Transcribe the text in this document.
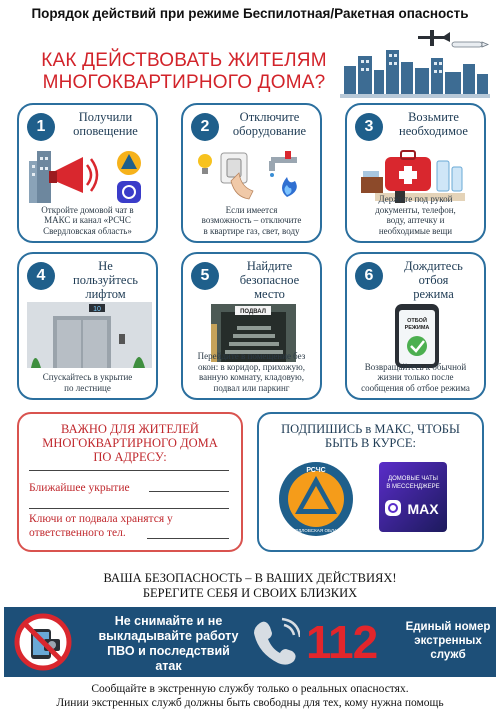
Порядок действий при режиме Беспилотная/Ракетная опасность
КАК ДЕЙСТВОВАТЬ ЖИТЕЛЯМ
МНОГОКВАРТИРНОГО ДОМА?
1
Получили
оповещение
Откройте домовой чат в
МАКС и канал «РСЧС
Свердловская область»
2
Отключите
оборудование
Если имеется
возможность – отключите
в квартире газ, свет, воду
3
Возьмите
необходимое
Держите под рукой
документы, телефон,
воду, аптечку и
необходимые вещи
4
Не
пользуйтесь
лифтом
10
Спускайтесь в укрытие
по лестнице
5
Найдите
безопасное
место
ПОДВАЛ
Перейдите в помещение без
окон: в коридор, прихожую,
ванную комнату, кладовую,
подвал или паркинг
6
Дождитесь
отбоя
режима
ОТБОЙ
РЕЖИМА
Возвращайтесь к обычной
жизни только после
сообщения об отбое режима
ВАЖНО ДЛЯ ЖИТЕЛЕЙ
МНОГОКВАРТИРНОГО ДОМА
ПО АДРЕСУ:
Ближайшее укрытие
Ключи от подвала хранятся у
ответственного тел.
ПОДПИШИСЬ в МАКС, ЧТОБЫ
БЫТЬ В КУРСЕ:
РСЧС
СВЕРДЛОВСКАЯ ОБЛАСТЬ
ДОМОВЫЕ ЧАТЫ
В МЕССЕНДЖЕРЕ
MAX
ВАША БЕЗОПАСНОСТЬ – В ВАШИХ ДЕЙСТВИЯХ!
БЕРЕГИТЕ СЕБЯ И СВОИХ БЛИЗКИХ
Не снимайте и не
выкладывайте работу
ПВО и последствий
атак	112	Единый номер
экстренных
служб
Сообщайте в экстренную службу только о реальных опасностях.
Линии экстренных служб должны быть свободны для тех, кому нужна помощь
